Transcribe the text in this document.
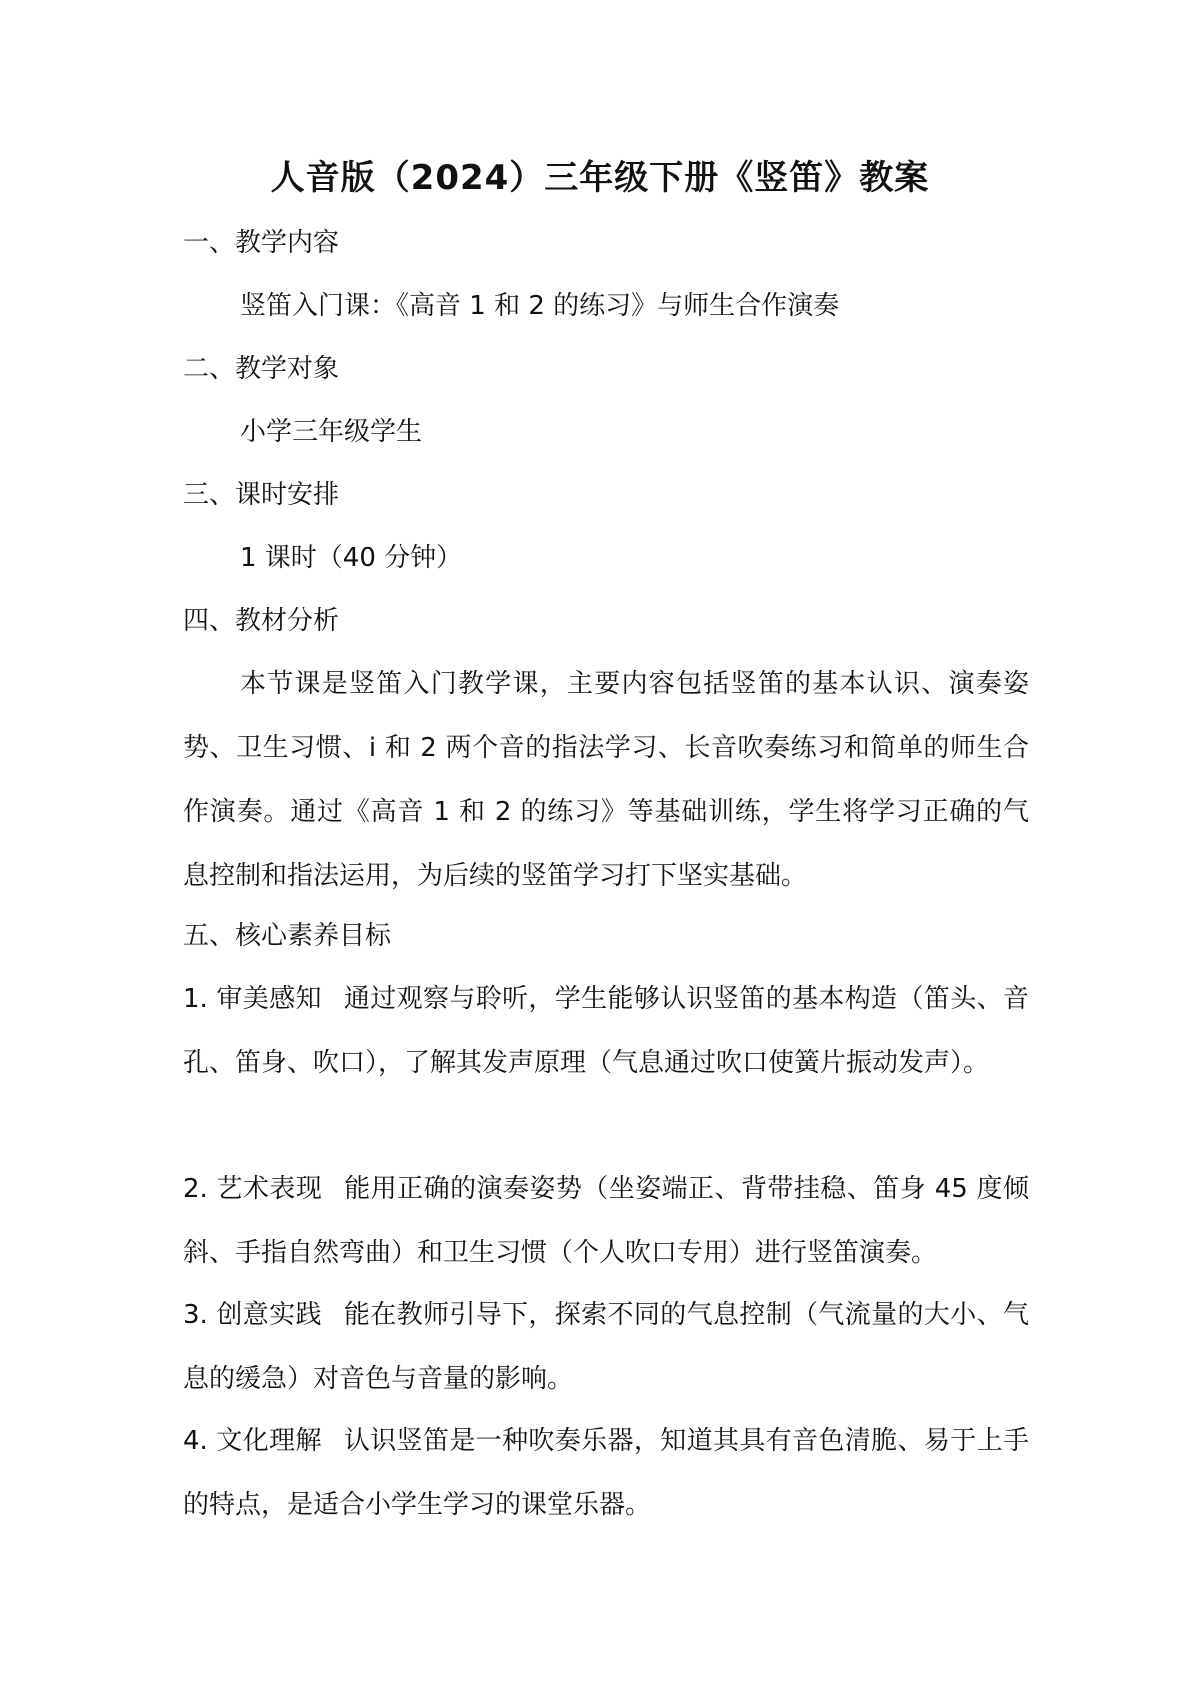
人音版（2024）三年级下册《竖笛》教案
一、教学内容
竖笛入门课：《高音 1 和 2 的练习》与师生合作演奏
二、教学对象
小学三年级学生
三、课时安排
1 课时（40 分钟）
四、教材分析
本节课是竖笛入门教学课，主要内容包括竖笛的基本认识、演奏姿势、卫生习惯、i 和 2 两个音的指法学习、长音吹奏练习和简单的师生合作演奏。通过《高音 1 和 2 的练习》等基础训练，学生将学习正确的气息控制和指法运用，为后续的竖笛学习打下坚实基础。
五、核心素养目标
1. 审美感知 通过观察与聆听，学生能够认识竖笛的基本构造（笛头、音孔、笛身、吹口），了解其发声原理（气息通过吹口使簧片振动发声）。
2. 艺术表现 能用正确的演奏姿势（坐姿端正、背带挂稳、笛身 45 度倾斜、手指自然弯曲）和卫生习惯（个人吹口专用）进行竖笛演奏。
3. 创意实践 能在教师引导下，探索不同的气息控制（气流量的大小、气息的缓急）对音色与音量的影响。
4. 文化理解 认识竖笛是一种吹奏乐器，知道其具有音色清脆、易于上手的特点，是适合小学生学习的课堂乐器。
